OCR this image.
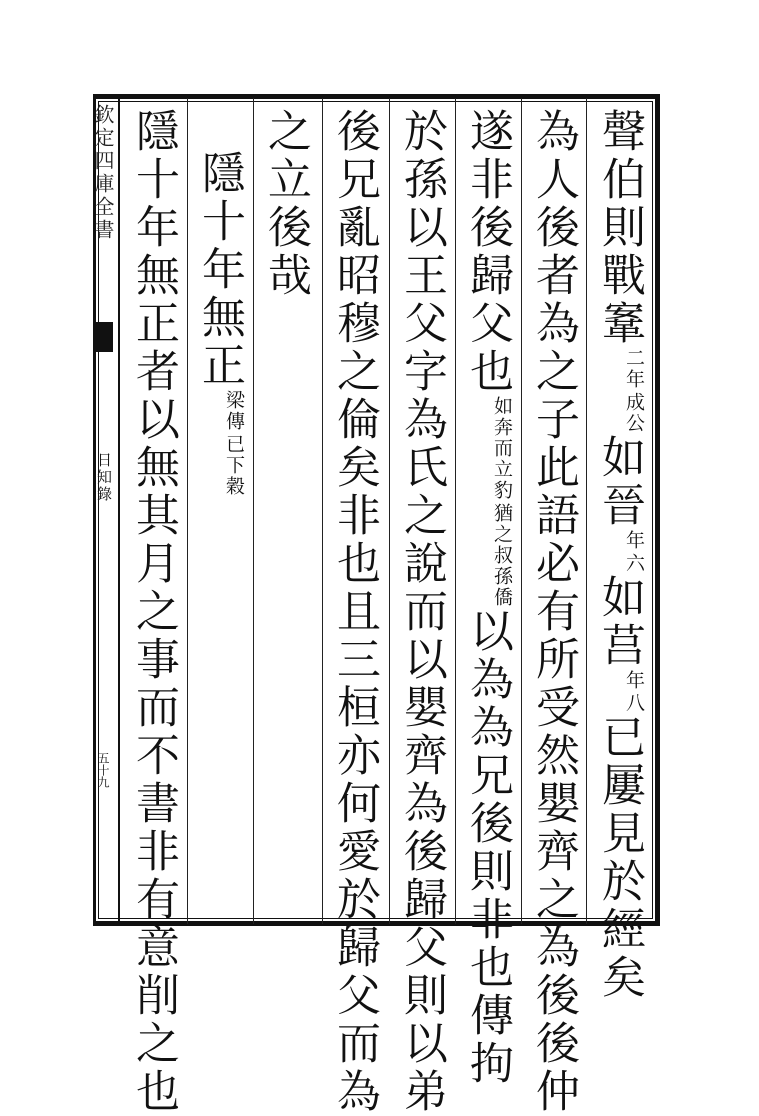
欽定四庫全書
日知錄
五十九
聲伯則戰鞌
成公
二年
如晉
六
年
如莒
八
年
已屢見於經矣
為人後者為之子此語必有所受然嬰齊之為後後仲
遂非後歸父也
猶之叔孫僑
如奔而立豹
以為為兄後則非也傳拘
於孫以王父字為氏之說而以嬰齊為後歸父則以弟
後兄亂昭穆之倫矣非也且三桓亦何愛於歸父而為
之立後哉
隱十年無正
已下穀
梁傳
隱十年無正者以無其月之事而不書非有意削之也
